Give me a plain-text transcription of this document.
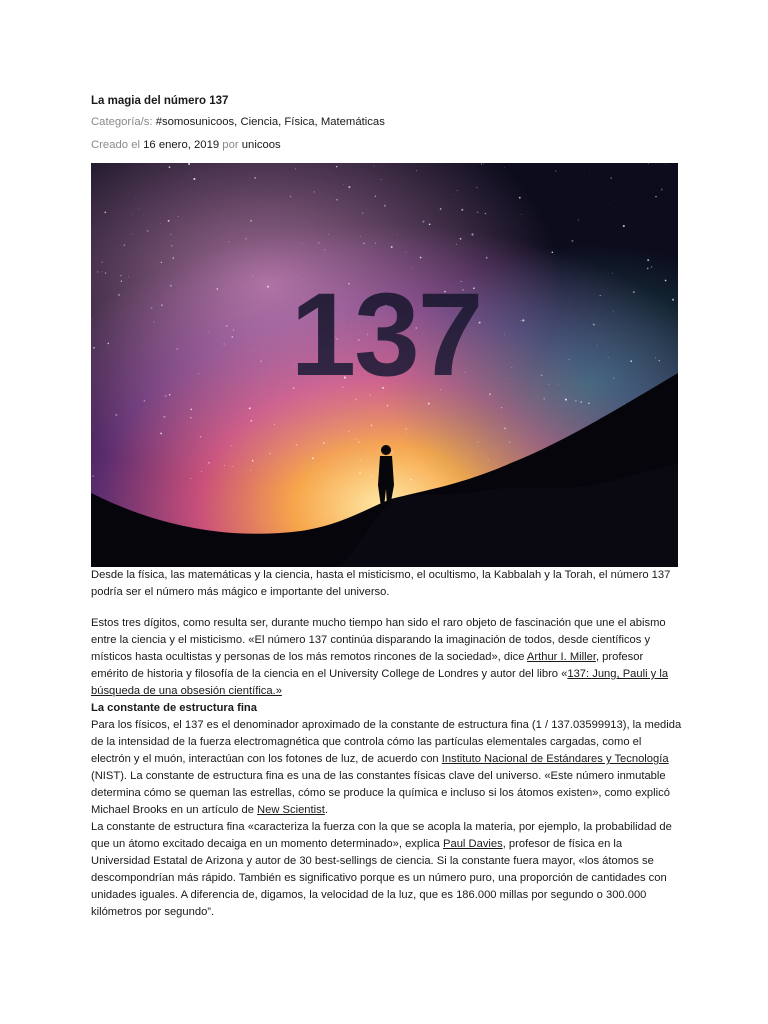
La magia del número 137
Categoría/s: #somosunicoos, Ciencia, Física, Matemáticas
Creado el 16 enero, 2019 por unicoos
137
Desde la física, las matemáticas y la ciencia, hasta el misticismo, el ocultismo, la Kabbalah y la Torah, el número 137 podría ser el número más mágico e importante del universo.

Estos tres dígitos, como resulta ser, durante mucho tiempo han sido el raro objeto de fascinación que une el abismo entre la ciencia y el misticismo. «El número 137 continúa disparando la imaginación de todos, desde científicos y místicos hasta ocultistas y personas de los más remotos rincones de la sociedad», dice Arthur I. Miller, profesor emérito de historia y filosofía de la ciencia en el University College de Londres y autor del libro «137: Jung, Pauli y la búsqueda de una obsesión científica.»

La constante de estructura fina

Para los físicos, el 137 es el denominador aproximado de la constante de estructura fina (1 / 137.03599913), la medida de la intensidad de la fuerza electromagnética que controla cómo las partículas elementales cargadas, como el electrón y el muón, interactúan con los fotones de luz, de acuerdo con Instituto Nacional de Estándares y Tecnología (NIST). La constante de estructura fina es una de las constantes físicas clave del universo. «Este número inmutable determina cómo se queman las estrellas, cómo se produce la química e incluso si los átomos existen», como explicó Michael Brooks en un artículo de New Scientist.

La constante de estructura fina «caracteriza la fuerza con la que se acopla la materia, por ejemplo, la probabilidad de que un átomo excitado decaiga en un momento determinado», explica Paul Davies, profesor de física en la Universidad Estatal de Arizona y autor de 30 best-sellings de ciencia. Si la constante fuera mayor, «los átomos se descompondrían más rápido. También es significativo porque es un número puro, una proporción de cantidades con unidades iguales. A diferencia de, digamos, la velocidad de la luz, que es 186.000 millas por segundo o 300.000 kilómetros por segundo”.
